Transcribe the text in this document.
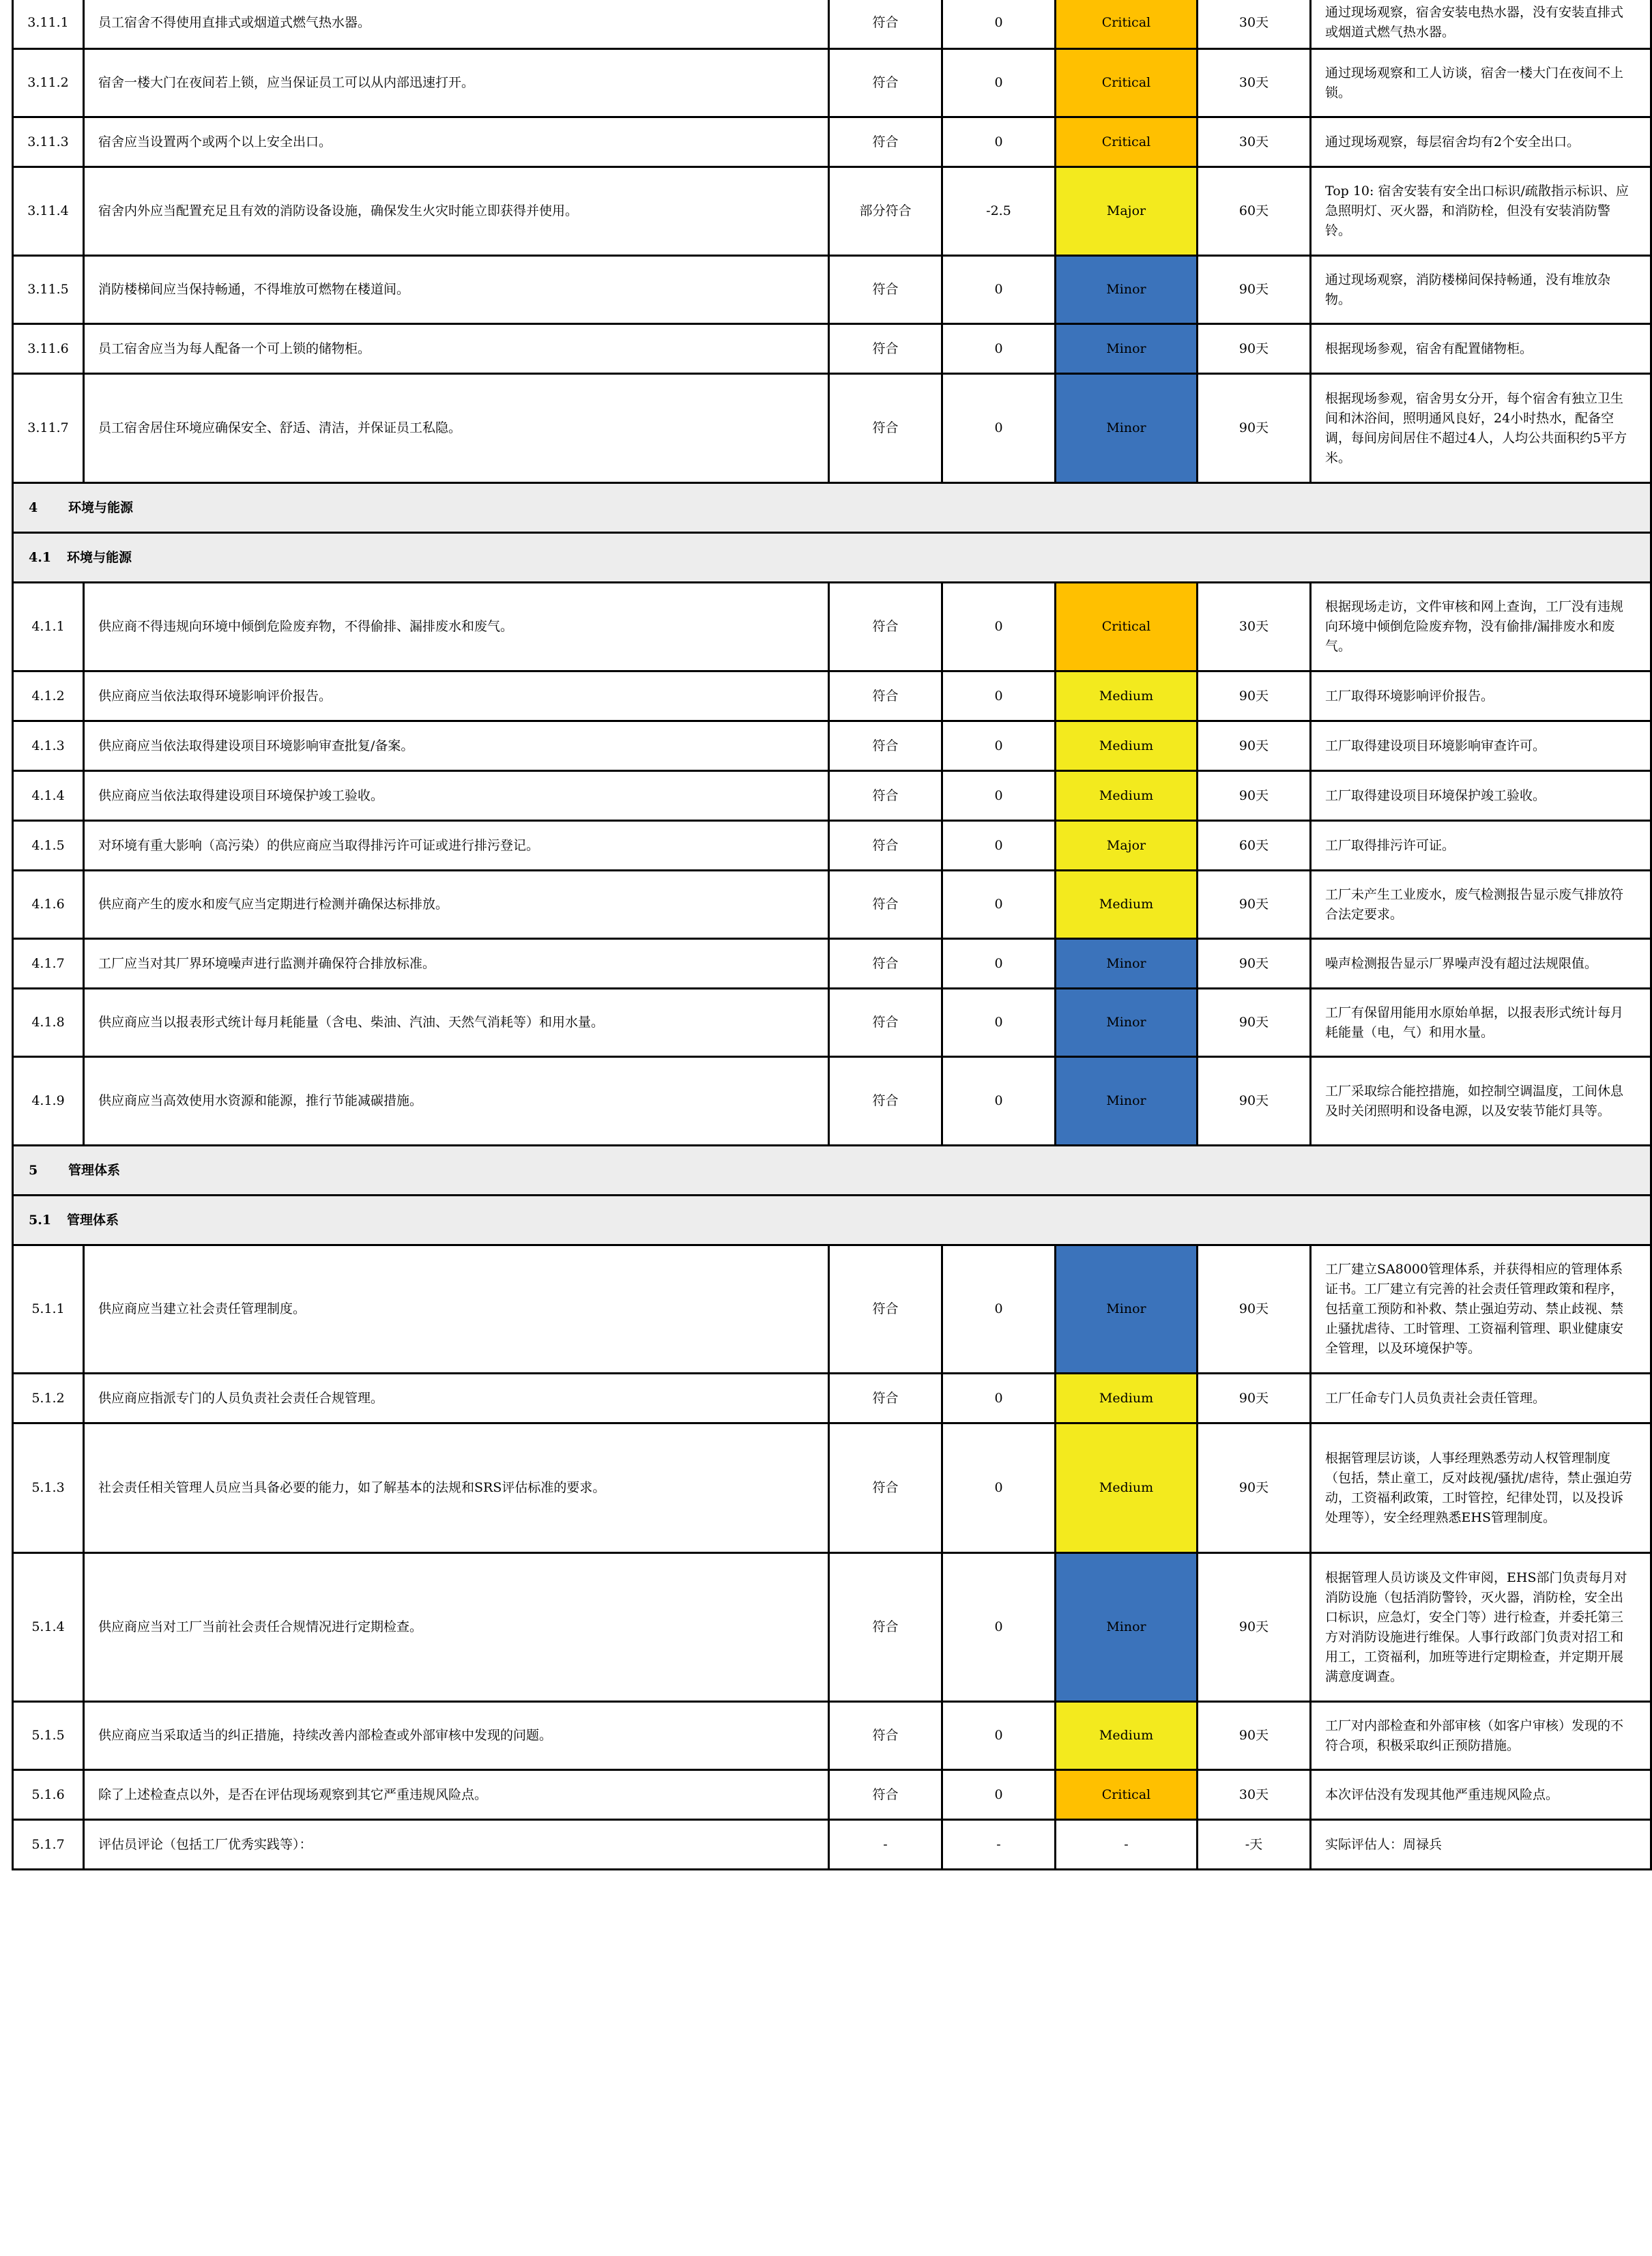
3.11.1	员工宿舍不得使用直排式或烟道式燃气热水器。	符合	0	Critical	30天	通过现场观察，宿舍安装电热水器，没有安装直排式或烟道式燃气热水器。
3.11.2	宿舍一楼大门在夜间若上锁，应当保证员工可以从内部迅速打开。	符合	0	Critical	30天	通过现场观察和工人访谈，宿舍一楼大门在夜间不上锁。
3.11.3	宿舍应当设置两个或两个以上安全出口。	符合	0	Critical	30天	通过现场观察，每层宿舍均有2个安全出口。
3.11.4	宿舍内外应当配置充足且有效的消防设备设施，确保发生火灾时能立即获得并使用。	部分符合	-2.5	Major	60天	Top 10: 宿舍安装有安全出口标识/疏散指示标识、应急照明灯、灭火器，和消防栓，但没有安装消防警铃。
3.11.5	消防楼梯间应当保持畅通，不得堆放可燃物在楼道间。	符合	0	Minor	90天	通过现场观察，消防楼梯间保持畅通，没有堆放杂物。
3.11.6	员工宿舍应当为每人配备一个可上锁的储物柜。	符合	0	Minor	90天	根据现场参观，宿舍有配置储物柜。
3.11.7	员工宿舍居住环境应确保安全、舒适、清洁，并保证员工私隐。	符合	0	Minor	90天	根据现场参观，宿舍男女分开，每个宿舍有独立卫生间和沐浴间，照明通风良好，24小时热水，配备空调，每间房间居住不超过4人，人均公共面积约5平方米。
4 环境与能源						
4.1 环境与能源						
4.1.1	供应商不得违规向环境中倾倒危险废弃物，不得偷排、漏排废水和废气。	符合	0	Critical	30天	根据现场走访，文件审核和网上查询，工厂没有违规向环境中倾倒危险废弃物，没有偷排/漏排废水和废气。
4.1.2	供应商应当依法取得环境影响评价报告。	符合	0	Medium	90天	工厂取得环境影响评价报告。
4.1.3	供应商应当依法取得建设项目环境影响审查批复/备案。	符合	0	Medium	90天	工厂取得建设项目环境影响审查许可。
4.1.4	供应商应当依法取得建设项目环境保护竣工验收。	符合	0	Medium	90天	工厂取得建设项目环境保护竣工验收。
4.1.5	对环境有重大影响（高污染）的供应商应当取得排污许可证或进行排污登记。	符合	0	Major	60天	工厂取得排污许可证。
4.1.6	供应商产生的废水和废气应当定期进行检测并确保达标排放。	符合	0	Medium	90天	工厂未产生工业废水，废气检测报告显示废气排放符合法定要求。
4.1.7	工厂应当对其厂界环境噪声进行监测并确保符合排放标准。	符合	0	Minor	90天	噪声检测报告显示厂界噪声没有超过法规限值。
4.1.8	供应商应当以报表形式统计每月耗能量（含电、柴油、汽油、天然气消耗等）和用水量。	符合	0	Minor	90天	工厂有保留用能用水原始单据，以报表形式统计每月耗能量（电，气）和用水量。
4.1.9	供应商应当高效使用水资源和能源，推行节能减碳措施。	符合	0	Minor	90天	工厂采取综合能控措施，如控制空调温度，工间休息及时关闭照明和设备电源，以及安装节能灯具等。
5 管理体系						
5.1 管理体系						
5.1.1	供应商应当建立社会责任管理制度。	符合	0	Minor	90天	工厂建立SA8000管理体系，并获得相应的管理体系证书。工厂建立有完善的社会责任管理政策和程序，包括童工预防和补救、禁止强迫劳动、禁止歧视、禁止骚扰虐待、工时管理、工资福利管理、职业健康安全管理，以及环境保护等。
5.1.2	供应商应指派专门的人员负责社会责任合规管理。	符合	0	Medium	90天	工厂任命专门人员负责社会责任管理。
5.1.3	社会责任相关管理人员应当具备必要的能力，如了解基本的法规和SRS评估标准的要求。	符合	0	Medium	90天	根据管理层访谈，人事经理熟悉劳动人权管理制度（包括，禁止童工，反对歧视/骚扰/虐待，禁止强迫劳动，工资福利政策，工时管控，纪律处罚，以及投诉处理等），安全经理熟悉EHS管理制度。
5.1.4	供应商应当对工厂当前社会责任合规情况进行定期检查。	符合	0	Minor	90天	根据管理人员访谈及文件审阅，EHS部门负责每月对消防设施（包括消防警铃，灭火器，消防栓，安全出口标识，应急灯，安全门等）进行检查，并委托第三方对消防设施进行维保。人事行政部门负责对招工和用工，工资福利，加班等进行定期检查，并定期开展满意度调查。
5.1.5	供应商应当采取适当的纠正措施，持续改善内部检查或外部审核中发现的问题。	符合	0	Medium	90天	工厂对内部检查和外部审核（如客户审核）发现的不符合项，积极采取纠正预防措施。
5.1.6	除了上述检查点以外，是否在评估现场观察到其它严重违规风险点。	符合	0	Critical	30天	本次评估没有发现其他严重违规风险点。
5.1.7	评估员评论（包括工厂优秀实践等）：	-	-	-	-天	实际评估人：周禄兵
